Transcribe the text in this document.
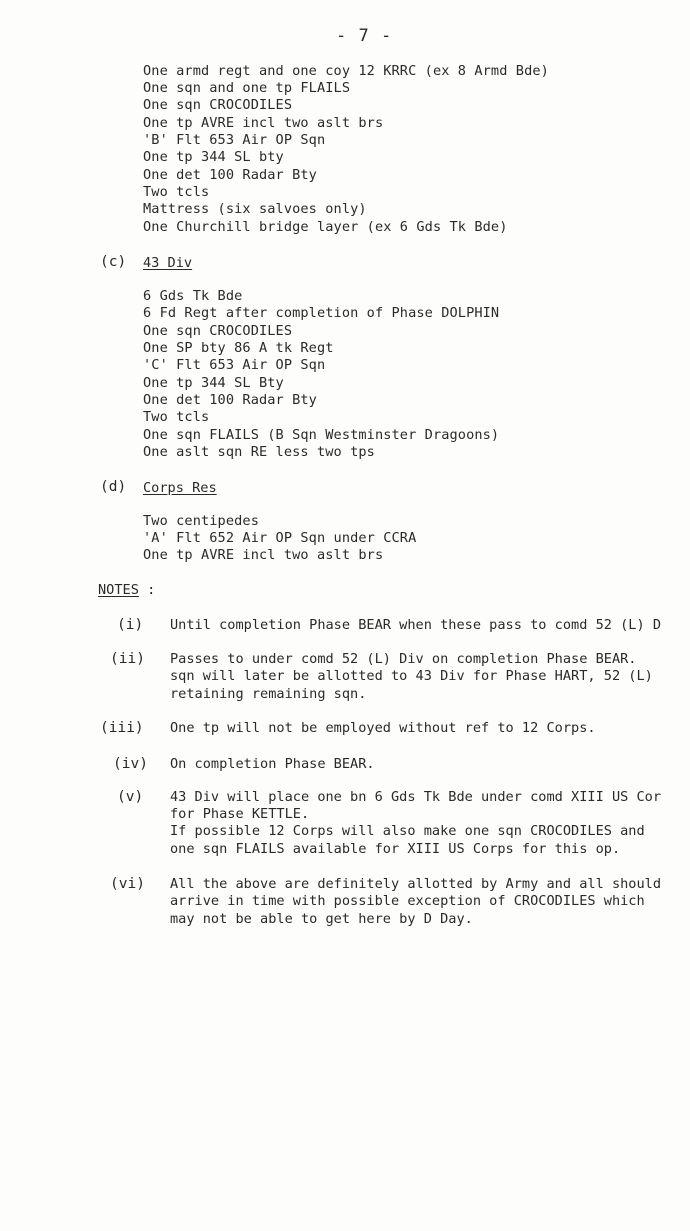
- 7 -
One armd regt and one coy 12 KRRC (ex 8 Armd Bde)
One sqn and one tp FLAILS
One sqn CROCODILES
One tp AVRE incl two aslt brs
'B' Flt 653 Air OP Sqn
One tp 344 SL bty
One det 100 Radar Bty
Two tcls
Mattress (six salvoes only)
One Churchill bridge layer (ex 6 Gds Tk Bde)
(c) 43 Div
6 Gds Tk Bde
6 Fd Regt after completion of Phase DOLPHIN
One sqn CROCODILES
One SP bty 86 A tk Regt
'C' Flt 653 Air OP Sqn
One tp 344 SL Bty
One det 100 Radar Bty
Two tcls
One sqn FLAILS (B Sqn Westminster Dragoons)
One aslt sqn RE less two tps
(d) Corps Res
Two centipedes
'A' Flt 652 Air OP Sqn under CCRA
One tp AVRE incl two aslt brs
NOTES :
(i) Until completion Phase BEAR when these pass to comd 52 (L) D
(ii) Passes to under comd 52 (L) Div on completion Phase BEAR.
sqn will later be allotted to 43 Div for Phase HART, 52 (L)
retaining remaining sqn.
(iii) One tp will not be employed without ref to 12 Corps.
(iv) On completion Phase BEAR.
(v) 43 Div will place one bn 6 Gds Tk Bde under comd XIII US Cor
for Phase KETTLE.
If possible 12 Corps will also make one sqn CROCODILES and
one sqn FLAILS available for XIII US Corps for this op.
(vi) All the above are definitely allotted by Army and all should
arrive in time with possible exception of CROCODILES which
may not be able to get here by D Day.
